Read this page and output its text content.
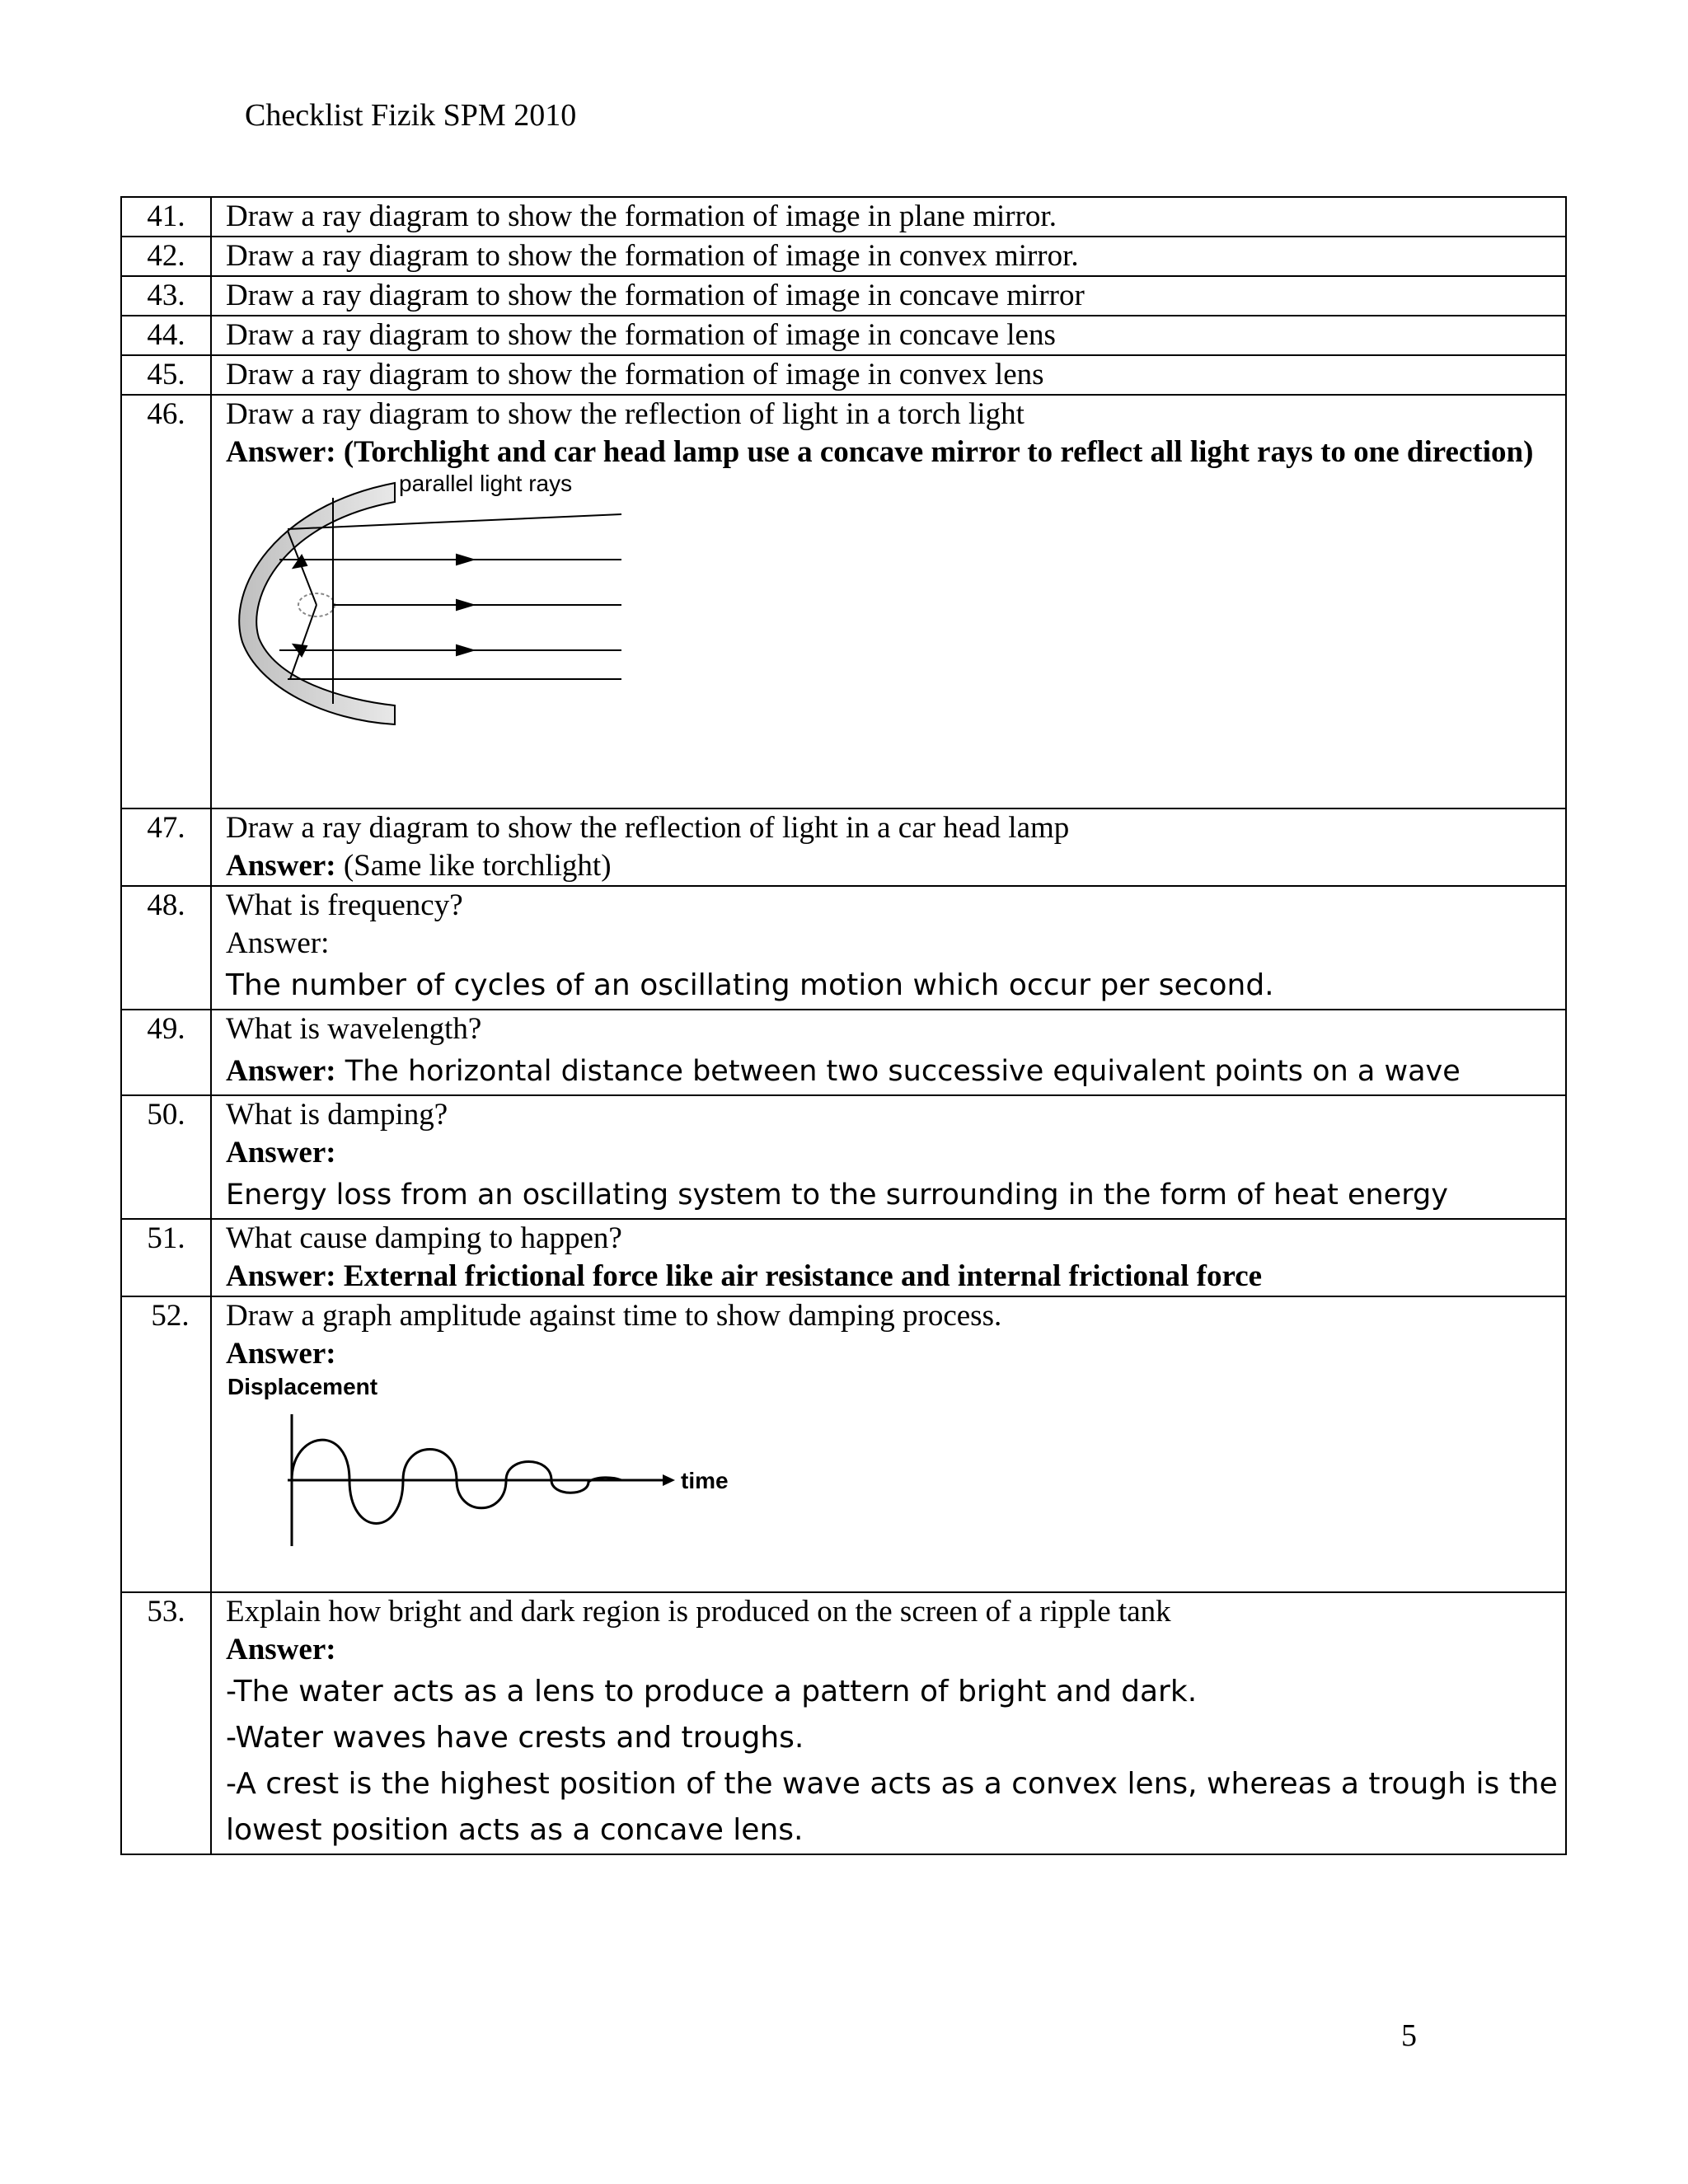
Checklist Fizik SPM 2010
41.	Draw a ray diagram to show the formation of image in plane mirror.
42.	Draw a ray diagram to show the formation of image in convex mirror.
43.	Draw a ray diagram to show the formation of image in concave mirror
44.	Draw a ray diagram to show the formation of image in concave lens
45.	Draw a ray diagram to show the formation of image in convex lens
46.	Draw a ray diagram to show the reflection of light in a torch light
Answer: (Torchlight and car head lamp use a concave mirror to reflect all light rays to one direction)
parallel light rays

47.	Draw a ray diagram to show the reflection of light in a car head lamp
Answer: (Same like torchlight)

48.	What is frequency?
Answer:
The number of cycles of an oscillating motion which occur per second.

49.	What is wavelength?
Answer: The horizontal distance between two successive equivalent points on a wave

50.	What is damping?
Answer:
Energy loss from an oscillating system to the surrounding in the form of heat energy

51.	What cause damping to happen?
Answer: External frictional force like air resistance and internal frictional force

52.	Draw a graph amplitude against time to show damping process.
Answer:
Displacement
time

53.	Explain how bright and dark region is produced on the screen of a ripple tank
Answer:
-The water acts as a lens to produce a pattern of bright and dark.
-Water waves have crests and troughs.
-A crest is the highest position of the wave acts as a convex lens, whereas a trough is the lowest position acts as a concave lens.
5
